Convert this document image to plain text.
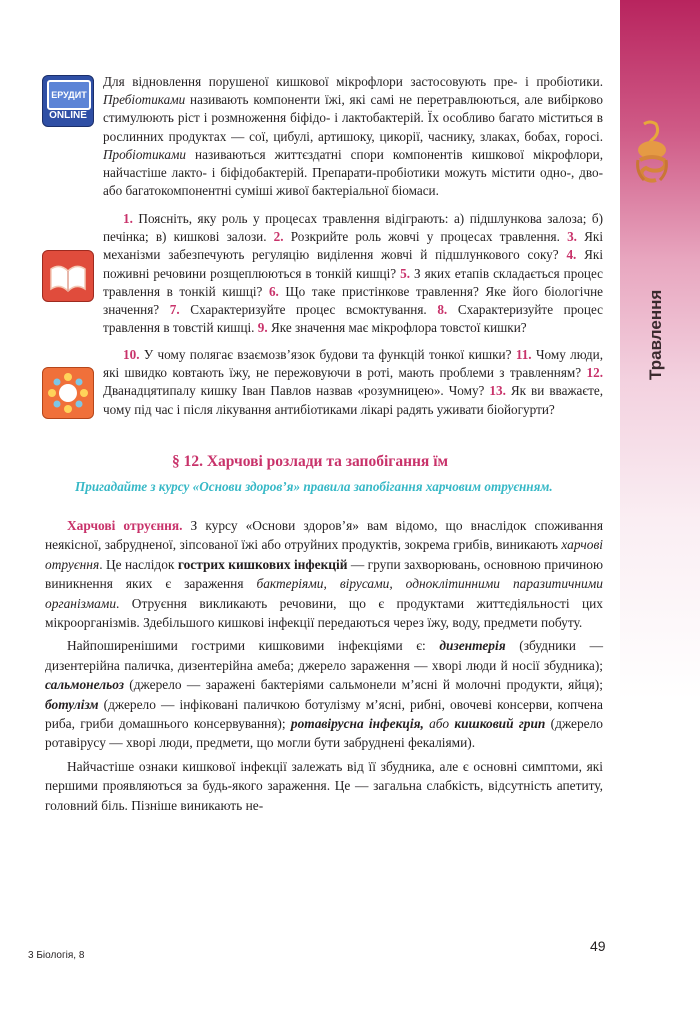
Травлення
ЕРУДИТ
ONLINE

Для відновлення порушеної кишкової мікрофлори застосовують пре- і пробіотики. Пребіотиками називають компоненти їжі, які самі не перетравлюються, але вибірково стимулюють ріст і розмноження біфідо- і лактобактерій. Їх особливо багато міститься в рослинних продуктах — сої, цибулі, артишоку, цикорії, часнику, злаках, бобах, горосі. Пробіотиками називаються життєздатні спори компонентів кишкової мікрофлори, найчастіше лакто- і біфідобактерій. Препарати-пробіотики можуть містити одно-, дво- або багатокомпонентні суміші живої бактеріальної біомаси.

1. Поясніть, яку роль у процесах травлення відіграють: а) підшлункова залоза; б) печінка; в) кишкові залози. 2. Розкрийте роль жовчі у процесах травлення. 3. Які механізми забезпечують регуляцію виділення жовчі й підшлункового соку? 4. Які поживні речовини розщеплюються в тонкій кишці? 5. З яких етапів складається процес травлення в тонкій кишці? 6. Що таке пристінкове травлення? Яке його біологічне значення? 7. Схарактеризуйте процес всмоктування. 8. Схарактеризуйте процес травлення в товстій кишці. 9. Яке значення має мікрофлора товстої кишки?

10. У чому полягає взаємозв’язок будови та функцій тонкої кишки? 11. Чому люди, які швидко ковтають їжу, не пережовуючи в роті, мають проблеми з травленням? 12. Дванадцятипалу кишку Іван Павлов назвав «розумницею». Чому? 13. Як ви вважаєте, чому під час і після лікування антибіотиками лікарі радять уживати біойогурти?

§ 12. Харчові розлади та запобігання їм
Пригадайте з курсу «Основи здоров’я» правила запобігання харчовим отруєнням.

Харчові отруєння. З курсу «Основи здоров’я» вам відомо, що внаслідок споживання неякісної, забрудненої, зіпсованої їжі або отруйних продуктів, зокрема грибів, виникають харчові отруєння. Це наслідок гострих кишкових інфекцій — групи захворювань, основною причиною виникнення яких є зараження бактеріями, вірусами, одноклітинними паразитичними організмами. Отруєння викликають речовини, що є продуктами життєдіяльності цих мікроорганізмів. Здебільшого кишкові інфекції передаються через їжу, воду, предмети побуту.

Найпоширенішими гострими кишковими інфекціями є: дизентерія (збудники — дизентерійна паличка, дизентерійна амеба; джерело зараження — хворі люди й носії збудника); сальмонельоз (джерело — заражені бактеріями сальмонели м’ясні й молочні продукти, яйця); ботулізм (джерело — інфіковані паличкою ботулізму м’ясні, рибні, овочеві консерви, копчена риба, гриби домашнього консервування); ротавірусна інфекція, або кишковий грип (джерело ротавірусу — хворі люди, предмети, що могли бути забруднені фекаліями).

Найчастіше ознаки кишкової інфекції залежать від її збудника, але є основні симптоми, які першими проявляються за будь-якого зараження. Це — загальна слабкість, відсутність апетиту, головний біль. Пізніше виникають не-

49
3 Біологія, 8
